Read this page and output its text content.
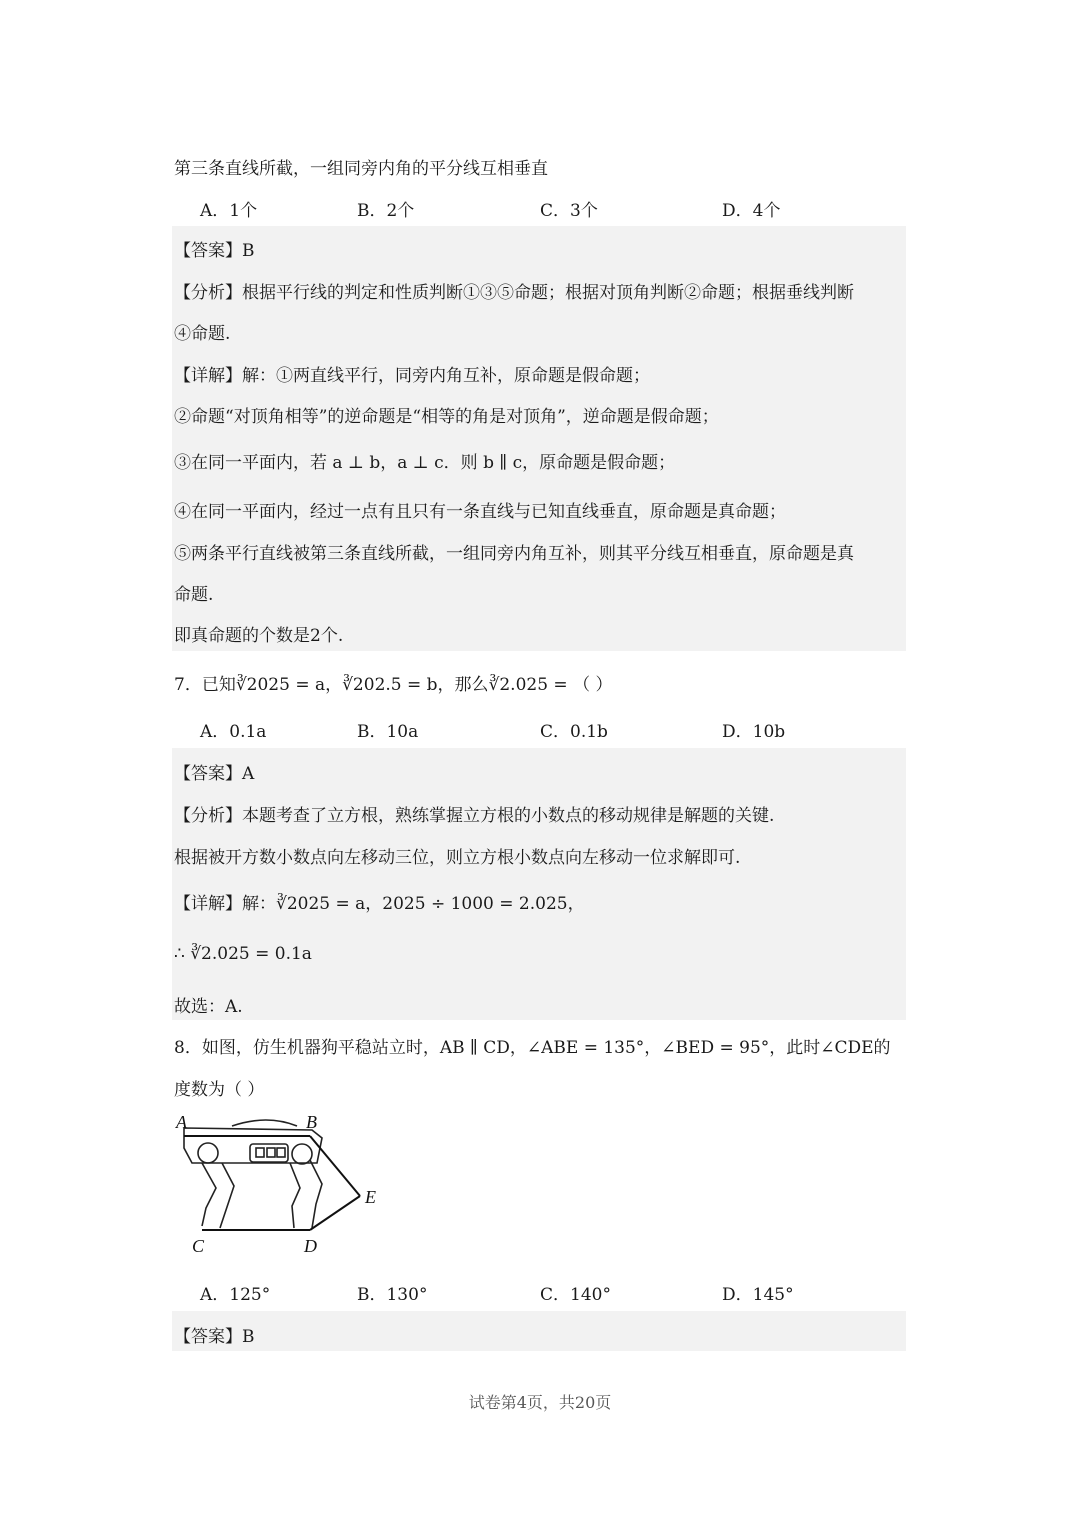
第三条直线所截，一组同旁内角的平分线互相垂直
A．1个	B．2个	C．3个	D．4个
【答案】B
【分析】根据平行线的判定和性质判断①③⑤命题；根据对顶角判断②命题；根据垂线判断
④命题.
【详解】解：①两直线平行，同旁内角互补，原命题是假命题；
②命题“对顶角相等”的逆命题是“相等的角是对顶角”，逆命题是假命题；
③在同一平面内，若 a ⊥ b，a ⊥ c．则 b ∥ c，原命题是假命题；
④在同一平面内，经过一点有且只有一条直线与已知直线垂直，原命题是真命题；
⑤两条平行直线被第三条直线所截，一组同旁内角互补，则其平分线互相垂直，原命题是真
命题.
即真命题的个数是2个.
7．已知∛2025 = a，∛202.5 = b，那么∛2.025 = （ ）
A．0.1a	B．10a	C．0.1b	D．10b
【答案】A
【分析】本题考查了立方根，熟练掌握立方根的小数点的移动规律是解题的关键.
根据被开方数小数点向左移动三位，则立方根小数点向左移动一位求解即可.
【详解】解：∛2025 = a，2025 ÷ 1000 = 2.025，
∴ ∛2.025 = 0.1a
故选：A.
8．如图，仿生机器狗平稳站立时，AB ∥ CD，∠ABE = 135°，∠BED = 95°，此时∠CDE的
度数为（ ）
A	B
E
C	D
A．125°	B．130°	C．140°	D．145°
【答案】B
试卷第4页，共20页
